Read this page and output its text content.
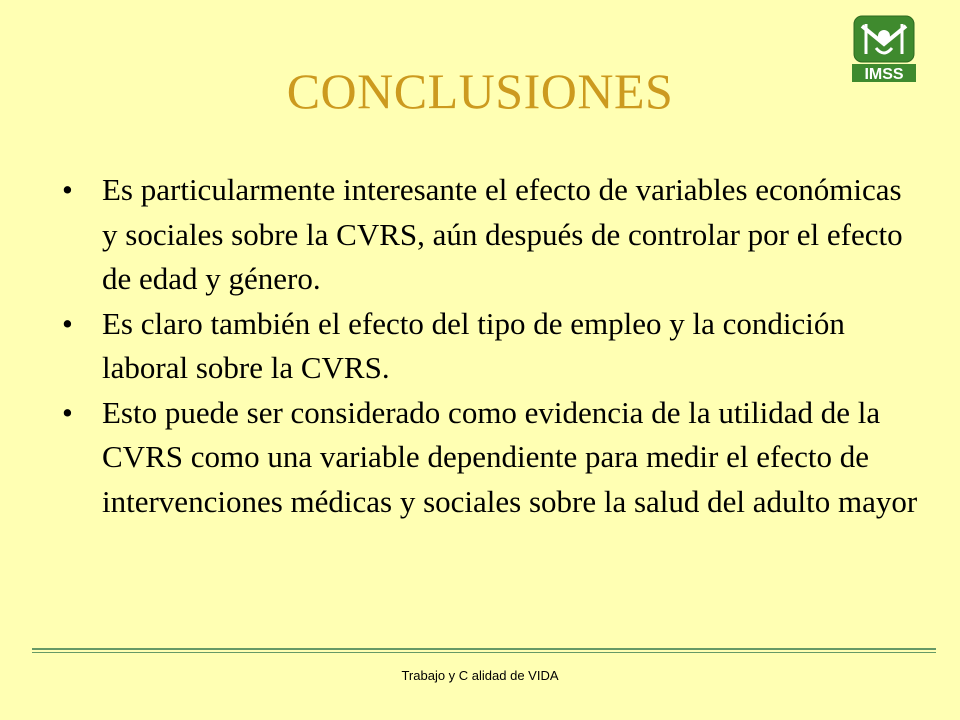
IMSS
CONCLUSIONES
• Es particularmente interesante el efecto de variables económicas y sociales sobre la CVRS, aún después de controlar por el efecto de edad y género.
• Es claro también el efecto del tipo de empleo y la condición laboral sobre la CVRS.
• Esto puede ser considerado como evidencia de la utilidad de la CVRS como una variable dependiente para medir el efecto de intervenciones médicas y sociales sobre la salud del adulto mayor
Trabajo y C alidad de VIDA
